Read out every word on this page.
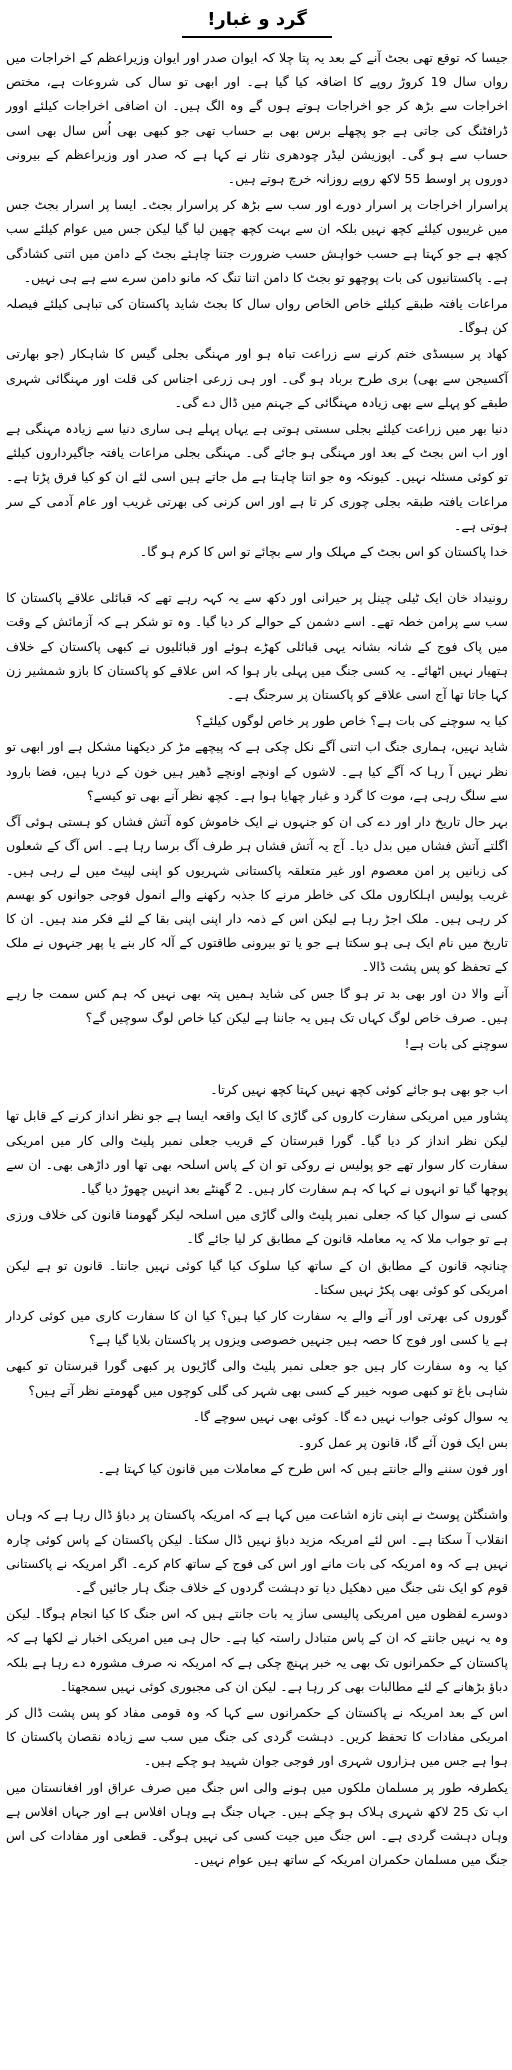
گرد و غبار!

جیسا کہ توقع تھی بجٹ آنے کے بعد یہ پتا چلا کہ ایوان صدر اور ایوان وزیراعظم کے اخراجات میں رواں سال 19 کروڑ روپے کا اضافہ کیا گیا ہے۔ اور ابھی تو سال کی شروعات ہے، مختص اخراجات سے بڑھ کر جو اخراجات ہوتے ہوں گے وہ الگ ہیں۔ ان اضافی اخراجات کیلئے اوور ڈرافٹنگ کی جاتی ہے جو پچھلے برس بھی بے حساب تھی جو کبھی بھی اُس سال بھی اسی حساب سے ہو گی۔ اپوزیشن لیڈر چودھری نثار نے کہا ہے کہ صدر اور وزیراعظم کے بیرونی دوروں پر اوسط 55 لاکھ روپے روزانہ خرچ ہوتے ہیں۔

پراسرار اخراجات پر اسرار دورے اور سب سے بڑھ کر پراسرار بجٹ۔ ایسا پر اسرار بجٹ جس میں غریبوں کیلئے کچھ نہیں بلکہ ان سے بہت کچھ چھین لیا گیا لیکن جس میں عوام کیلئے سب کچھ ہے جو کہتا ہے حسب خواہش حسب ضرورت جتنا چاہئے بجٹ کے دامن میں اتنی کشادگی ہے۔ پاکستانیوں کی بات پوچھو تو بجٹ کا دامن اتنا تنگ کہ مانو دامن سرے سے ہے ہی نہیں۔

مراعات یافتہ طبقے کیلئے خاص الخاص رواں سال کا بجٹ شاید پاکستان کی تباہی کیلئے فیصلہ کن ہوگا۔

کھاد پر سبسڈی ختم کرنے سے زراعت تباہ ہو اور مہنگی بجلی گیس کا شاہکار (جو بھارتی آکسیجن سے بھی) بری طرح برباد ہو گی۔ اور ہی زرعی اجناس کی قلت اور مہنگائی شہری طبقے کو پہلے سے بھی زیادہ مہنگائی کے جہنم میں ڈال دے گی۔

دنیا بھر میں زراعت کیلئے بجلی سستی ہوتی ہے یہاں پہلے ہی ساری دنیا سے زیادہ مہنگی ہے اور اب اس بجٹ کے بعد اور مہنگی ہو جائے گی۔ مہنگی بجلی مراعات یافتہ جاگیرداروں کیلئے تو کوئی مسئلہ نہیں۔ کیونکہ وہ جو اتنا چاہتا ہے مل جاتے ہیں اسی لئے ان کو کیا فرق پڑتا ہے۔ مراعات یافتہ طبقہ بجلی چوری کر تا ہے اور اس کرنی کی بھرتی غریب اور عام آدمی کے سر ہوتی ہے۔

خدا پاکستان کو اس بجٹ کے مہلک وار سے بچائے تو اس کا کرم ہو گا۔

رونیداد خان ایک ٹیلی چینل پر حیرانی اور دکھ سے یہ کہہ رہے تھے کہ قبائلی علاقے پاکستان کا سب سے پرامن خطہ تھے۔ اسے دشمن کے حوالے کر دیا گیا۔ وہ تو شکر ہے کہ آزمائش کے وقت میں پاک فوج کے شانہ بشانہ یہی قبائلی کھڑے ہوئے اور قبائلیوں نے کبھی پاکستان کے خلاف ہتھیار نہیں اٹھائے۔ یہ کسی جنگ میں پہلی بار ہوا کہ اس علاقے کو پاکستان کا بازو شمشیر زن کہا جاتا تھا آج اسی علاقے کو پاکستان پر سرجنگ ہے۔

کیا یہ سوچنے کی بات ہے؟ خاص طور پر خاص لوگوں کیلئے؟

شاید نہیں، ہماری جنگ اب اتنی آگے نکل چکی ہے کہ پیچھے مڑ کر دیکھنا مشکل ہے اور ابھی تو نظر نہیں آ رہا کہ آگے کیا ہے۔ لاشوں کے اونچے اونچے ڈھیر ہیں خون کے دریا ہیں، فضا بارود سے سلگ رہی ہے، موت کا گرد و غبار چھایا ہوا ہے۔ کچھ نظر آنے بھی تو کیسے؟

بہر حال تاریخ دار اور دے کی ان کو جنہوں نے ایک خاموش کوہ آتش فشاں کو ہستی ہوئی آگ اگلتے آتش فشاں میں بدل دیا۔ آج یہ آتش فشاں ہر طرف آگ برسا رہا ہے۔ اس آگ کے شعلوں کی زبانیں پر امن معصوم اور غیر متعلقہ پاکستانی شہریوں کو اپنی لپیٹ میں لے رہی ہیں۔ غریب پولیس اہلکاروں ملک کی خاطر مرنے کا جذبہ رکھنے والے انمول فوجی جوانوں کو بھسم کر رہی ہیں۔ ملک اجڑ رہا ہے لیکن اس کے ذمہ دار اپنی اپنی بقا کے لئے فکر مند ہیں۔ ان کا تاریخ میں نام ایک ہی ہو سکتا ہے جو یا تو بیرونی طاقتوں کے آلہ کار بنے یا پھر جنہوں نے ملک کے تحفظ کو پس پشت ڈالا۔

آنے والا دن اور بھی بد تر ہو گا جس کی شاید ہمیں پتہ بھی نہیں کہ ہم کس سمت جا رہے ہیں۔ صرف خاص لوگ کہاں تک ہیں یہ جاننا ہے لیکن کیا خاص لوگ سوچیں گے؟

سوچنے کی بات ہے!

اب جو بھی ہو جائے کوئی کچھ نہیں کہتا کچھ نہیں کرتا۔

پشاور میں امریکی سفارت کاروں کی گاڑی کا ایک واقعہ ایسا ہے جو نظر انداز کرنے کے قابل تھا لیکن نظر انداز کر دیا گیا۔ گورا قبرستان کے قریب جعلی نمبر پلیٹ والی کار میں امریکی سفارت کار سوار تھے جو پولیس نے روکی تو ان کے پاس اسلحہ بھی تھا اور داڑھی بھی۔ ان سے پوچھا گیا تو انہوں نے کہا کہ ہم سفارت کار ہیں۔ 2 گھنٹے بعد انہیں چھوڑ دیا گیا۔

کسی نے سوال کیا کہ جعلی نمبر پلیٹ والی گاڑی میں اسلحہ لیکر گھومنا قانون کی خلاف ورزی ہے تو جواب ملا کہ یہ معاملہ قانون کے مطابق کر لیا جائے گا۔

چنانچہ قانون کے مطابق ان کے ساتھ کیا سلوک کیا گیا کوئی نہیں جانتا۔ قانون تو ہے لیکن امریکی کو کوئی بھی پکڑ نہیں سکتا۔

گوروں کی بھرتی اور آنے والے یہ سفارت کار کیا ہیں؟ کیا ان کا سفارت کاری میں کوئی کردار ہے یا کسی اور فوج کا حصہ ہیں جنہیں خصوصی ویزوں پر پاکستان بلایا گیا ہے؟

کیا یہ وہ سفارت کار ہیں جو جعلی نمبر پلیٹ والی گاڑیوں پر کبھی گورا قبرستان تو کبھی شاہی باغ تو کبھی صوبہ خیبر کے کسی بھی شہر کی گلی کوچوں میں گھومتے نظر آتے ہیں؟

یہ سوال کوئی جواب نہیں دے گا۔ کوئی بھی نہیں سوچے گا۔

بس ایک فون آئے گا، قانون پر عمل کرو۔

اور فون سننے والے جانتے ہیں کہ اس طرح کے معاملات میں قانون کیا کہتا ہے۔

واشنگٹن پوسٹ نے اپنی تازہ اشاعت میں کہا ہے کہ امریکہ پاکستان پر دباؤ ڈال رہا ہے کہ وہاں انقلاب آ سکتا ہے۔ اس لئے امریکہ مزید دباؤ نہیں ڈال سکتا۔ لیکن پاکستان کے پاس کوئی چارہ نہیں ہے کہ وہ امریکہ کی بات مانے اور اس کی فوج کے ساتھ کام کرے۔ اگر امریکہ نے پاکستانی قوم کو ایک نئی جنگ میں دھکیل دیا تو دہشت گردوں کے خلاف جنگ ہار جائیں گے۔

دوسرے لفظوں میں امریکی پالیسی ساز یہ بات جانتے ہیں کہ اس جنگ کا کیا انجام ہوگا۔ لیکن وہ یہ نہیں جانتے کہ ان کے پاس متبادل راستہ کیا ہے۔ حال ہی میں امریکی اخبار نے لکھا ہے کہ پاکستان کے حکمرانوں تک بھی یہ خبر پہنچ چکی ہے کہ امریکہ نہ صرف مشورہ دے رہا ہے بلکہ دباؤ بڑھانے کے لئے مطالبات بھی کر رہا ہے۔ لیکن ان کی مجبوری کوئی نہیں سمجھتا۔

اس کے بعد امریکہ نے پاکستان کے حکمرانوں سے کہا کہ وہ قومی مفاد کو پس پشت ڈال کر امریکی مفادات کا تحفظ کریں۔ دہشت گردی کی جنگ میں سب سے زیادہ نقصان پاکستان کا ہوا ہے جس میں ہزاروں شہری اور فوجی جوان شہید ہو چکے ہیں۔

یکطرفہ طور پر مسلمان ملکوں میں ہونے والی اس جنگ میں صرف عراق اور افغانستان میں اب تک 25 لاکھ شہری ہلاک ہو چکے ہیں۔ جہاں جنگ ہے وہاں افلاس ہے اور جہاں افلاس ہے وہاں دہشت گردی ہے۔ اس جنگ میں جیت کسی کی نہیں ہوگی۔ قطعی اور مفادات کی اس جنگ میں مسلمان حکمران امریکہ کے ساتھ ہیں عوام نہیں۔
